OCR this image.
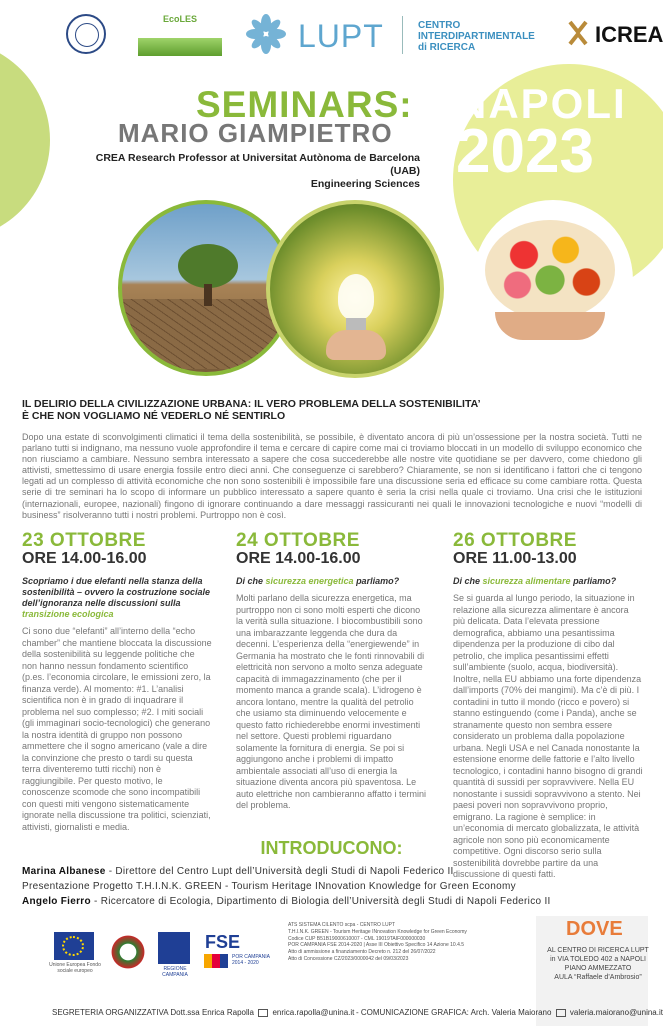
EcoLES	LUPT	CENTRO
INTERDIPARTIMENTALE
di RICERCA
ICREA
SEMINARS:
MARIO GIAMPIETRO
CREA Research Professor at Universitat Autònoma de Barcelona (UAB)
Engineering Sciences
NAPOLI
2023
IL DELIRIO DELLA CIVILIZZAZIONE URBANA: IL VERO PROBLEMA DELLA SOSTENIBILITA’
È CHE NON VOGLIAMO NÉ VEDERLO NÉ SENTIRLO
Dopo una estate di sconvolgimenti climatici il tema della sostenibilità, se possibile, è diventato ancora di più un’ossessione per la nostra società. Tutti ne parlano tutti si indignano, ma nessuno vuole approfondire il tema e cercare di capire come mai ci troviamo bloccati in un modello di sviluppo economico che non riusciamo a cambiare. Nessuno sembra interessato a sapere che cosa succederebbe alle nostre vite quotidiane se per davvero, come chiedono gli attivisti, smettessimo di usare energia fossile entro dieci anni. Che conseguenze ci sarebbero? Chiaramente, se non si identificano i fattori che ci tengono legati ad un complesso di attività economiche che non sono sostenibili è impossibile fare una discussione seria ed efficace su come cambiare rotta. Questa serie di tre seminari ha lo scopo di informare un pubblico interessato a sapere quanto è seria la crisi nella quale ci troviamo. Una crisi che le istituzioni (internazionali, europee, nazionali) fingono di ignorare continuando a dare messaggi rassicuranti nei quali le innovazioni tecnologiche e nuovi “modelli di business” risolveranno tutti i nostri problemi. Purtroppo non è così.
23 OTTOBRE
ORE 14.00-16.00
Scopriamo i due elefanti nella stanza della sostenibilità – ovvero la costruzione sociale dell’ignoranza nelle discussioni sulla transizione ecologica
Ci sono due “elefanti” all’interno della “echo chamber” che mantiene bloccata la discussione della sostenibilità su leggende politiche che non hanno nessun fondamento scientifico (p.es. l’economia circolare, le emissioni zero, la finanza verde). Al momento: #1. L’analisi scientifica non è in grado di inquadrare il problema nel suo complesso; #2. I miti sociali (gli immaginari socio-tecnologici) che generano la nostra identità di gruppo non possono ammettere che il sogno americano (vale a dire la convinzione che presto o tardi su questa terra diventeremo tutti ricchi) non è raggiungibile. Per questo motivo, le conoscenze scomode che sono incompatibili con questi miti vengono sistematicamente ignorate nella discussione tra politici, scienziati, attivisti, giornalisti e media.
24 OTTOBRE
ORE 14.00-16.00
Di che sicurezza energetica parliamo?
Molti parlano della sicurezza energetica, ma purtroppo non ci sono molti esperti che dicono la verità sulla situazione. I biocombustibili sono una imbarazzante leggenda che dura da decenni. L’esperienza della “energiewende” in Germania ha mostrato che le fonti rinnovabili di elettricità non servono a molto senza adeguate capacità di immagazzinamento (che per il momento manca a grande scala). L’idrogeno è ancora lontano, mentre la qualità del petrolio che usiamo sta diminuendo velocemente e questo fatto richiederebbe enormi investimenti nel settore. Questi problemi riguardano solamente la fornitura di energia. Se poi si aggiungono anche i problemi di impatto ambientale associati all’uso di energia la situazione diventa ancora più spaventosa. Le auto elettriche non cambieranno affatto i termini del problema.
26 OTTOBRE
ORE 11.00-13.00
Di che sicurezza alimentare parliamo?
Se si guarda al lungo periodo, la situazione in relazione alla sicurezza alimentare è ancora più delicata. Data l’elevata pressione demografica, abbiamo una pesantissima dipendenza per la produzione di cibo dal petrolio, che implica pesantissimi effetti sull’ambiente (suolo, acqua, biodiversità). Inoltre, nella EU abbiamo una forte dipendenza dall’imports (70% dei mangimi). Ma c’è di più. I contadini in tutto il mondo (ricco e povero) si stanno estinguendo (come i Panda), anche se stranamente questo non sembra essere considerato un problema dalla popolazione urbana. Negli USA e nel Canada nonostante la estensione enorme delle fattorie e l’alto livello tecnologico, i contadini hanno bisogno di grandi quantità di sussidi per sopravvivere. Nella EU nonostante i sussidi sopravvivono a stento. Nei paesi poveri non sopravvivono proprio, emigrano. La ragione è semplice: in un’economia di mercato globalizzata, le attività agricole non sono più economicamente competitive. Ogni discorso serio sulla sostenibilità dovrebbe partire da una discussione di questi fatti.
INTRODUCONO:
Marina Albanese - Direttore del Centro Lupt dell’Università degli Studi di Napoli Federico II
Presentazione Progetto T.H.I.N.K. GREEN - Tourism Heritage INnovation Knowledge for Green Economy
Angelo Fierro - Ricercatore di Ecologia, Dipartimento di Biologia dell’Università degli Studi di Napoli Federico II
Unione Europea Fondo sociale europeo	REGIONE CAMPANIA
FSE
POR CAMPANIA
2014 - 2020
ATS SISTEMA CILENTO scpa - CENTRO LUPT
T.H.I.N.K. GREEN - Tourism Heritage INnovation Knowledge for Green Economy
Codice CUP B51B19000610007 - CML 19019TAIF000000030
POR CAMPANIA FSE 2014-2020 | Asse III Obiettivo Specifico 14 Azione 10.4.5
Atto di ammissione a finanziamento Decreto n. 212 del 26/07/2022
Atto di Concessione CZ/2023/0000042 del 09/03/2023
DOVE
AL CENTRO DI RICERCA LUPT
in VIA TOLEDO 402 a NAPOLI
PIANO AMMEZZATO
AULA “Raffaele d’Ambrosio”
SEGRETERIA ORGANIZZATIVA Dott.ssa Enrica Rapolla enrica.rapolla@unina.it - COMUNICAZIONE GRAFICA: Arch. Valeria Maiorano valeria.maiorano@unina.it
